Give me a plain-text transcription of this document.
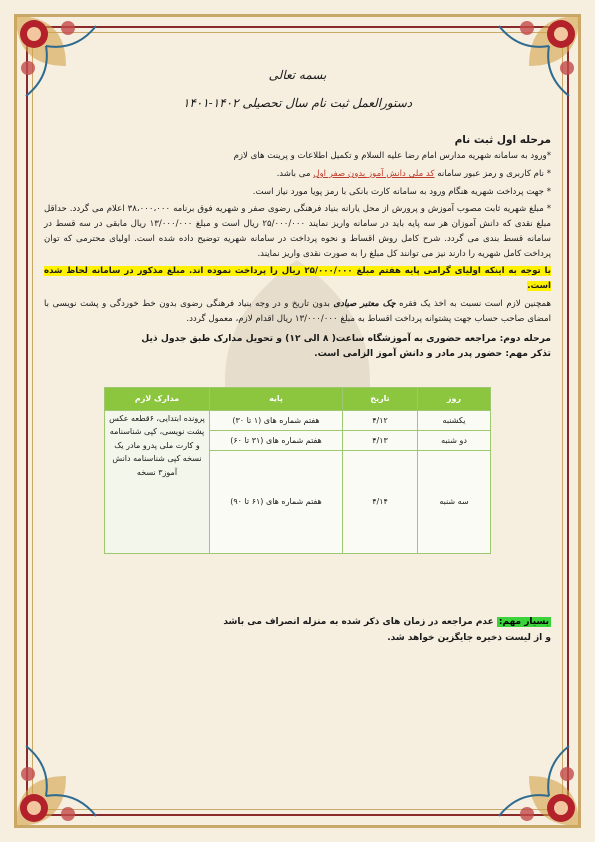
بسمه تعالی
دستورالعمل ثبت نام سال تحصیلی ۱۴۰۲-۱۴۰۱
مرحله اول ثبت نام

*ورود به سامانه شهریه مدارس امام رضا علیه السلام و تکمیل اطلاعات و پرینت های لازم

* نام کاربری و رمز عبور سامانه کد ملی دانش آموز بدون صفر اول می باشد.

* جهت پرداخت شهریه هنگام ورود به سامانه کارت بانکی با رمز پویا مورد نیاز است.

* مبلغ شهریه ثابت مصوب آموزش و پرورش از محل یارانه بنیاد فرهنگی رضوی صفر و شهریه فوق برنامه ۳۸،۰۰۰،۰۰۰ اعلام می گردد. حداقل مبلغ نقدی که دانش آموزان هر سه پایه باید در سامانه واریز نمایند ۲۵/۰۰۰/۰۰۰ ریال است و مبلغ ۱۳/۰۰۰/۰۰۰ ریال مابقی در سه قسط در سامانه قسط بندی می گردد. شرح کامل روش اقساط و نحوه پرداخت در سامانه شهریه توضیح داده شده است. اولیای محترمی که توان پرداخت کامل شهریه را دارند نیز می توانند کل مبلغ را به صورت نقدی واریز نمایند.

با توجه به اینکه اولیای گرامی پایه هفتم مبلغ ۲۵/۰۰۰/۰۰۰ ریال را پرداخت نموده اند. مبلغ مذکور در سامانه لحاظ شده است.

همچنین لازم است نسبت به اخذ یک فقره چک معتبر صیادی بدون تاریخ و در وجه بنیاد فرهنگی رضوی بدون خط خوردگی و پشت نویسی با امضای صاحب حساب جهت پشتوانه پرداخت اقساط به مبلغ ۱۳/۰۰۰/۰۰۰ ریال اقدام لازم، معمول گردد.

مرحله دوم: مراجعه حضوری به آموزشگاه ساعت( ۸ الی ۱۲) و تحویل مدارک طبق جدول ذیل
تذکر مهم: حضور پدر مادر و دانش آموز الزامی است.
روز	تاریخ	پایه	مدارک لازم
یکشنبه	۴/۱۲	هفتم شماره های (۱ تا ۳۰)	پرونده ابتدایی، ۶قطعه عکس پشت نویسی، کپی شناسنامه و کارت ملی پدرو مادر یک نسخه کپی شناسنامه دانش آموز۳ نسخه
دو شنبه	۴/۱۳	هفتم شماره های (۳۱ تا ۶۰)	
سه شنبه	۴/۱۴	هفتم شماره های (۶۱ تا ۹۰)	
بسیار مهم: عدم مراجعه در زمان های ذکر شده به منزله انصراف می باشد
و از لیست ذخیره جایگزین خواهد شد.
